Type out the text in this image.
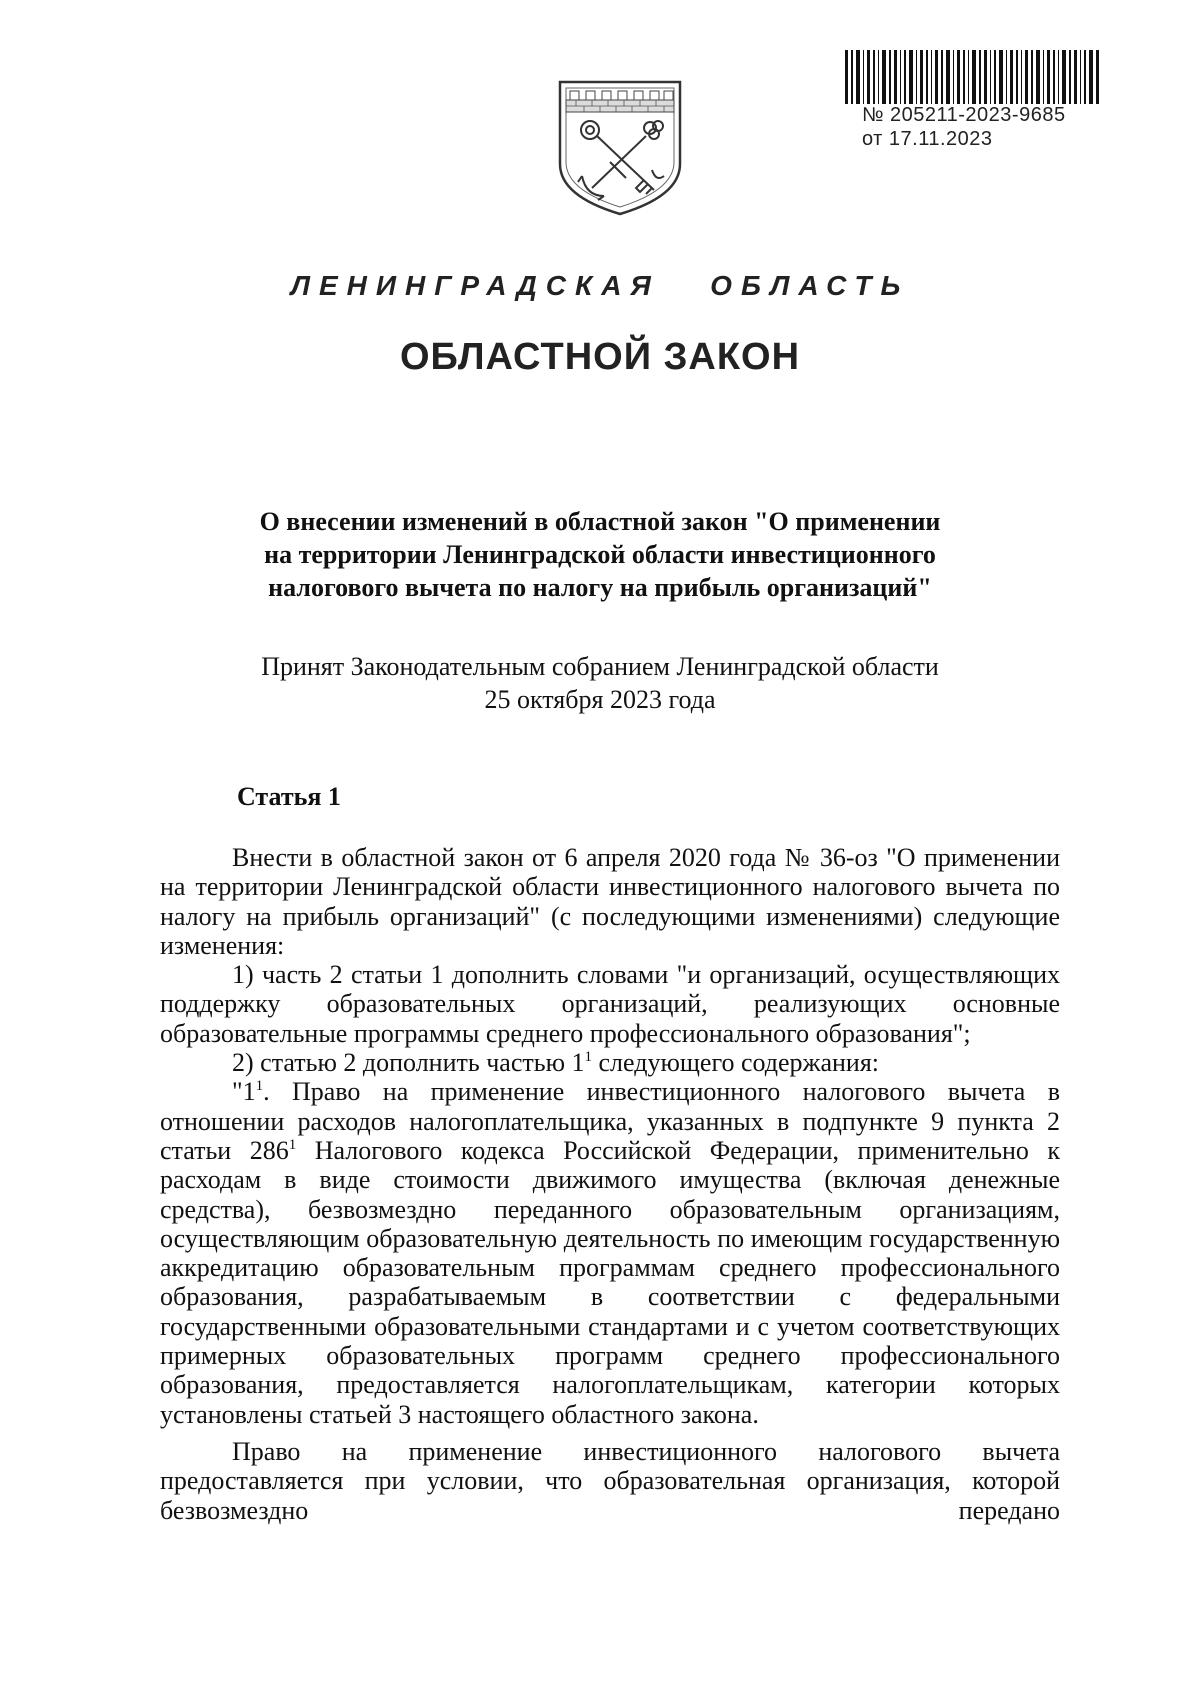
№ 205211-2023-9685
от 17.11.2023
ЛЕНИНГРАДСКАЯ   ОБЛАСТЬ
ОБЛАСТНОЙ ЗАКОН
О внесении изменений в областной закон "О применении
на территории Ленинградской области инвестиционного
налогового вычета по налогу на прибыль организаций"
Принят Законодательным собранием Ленинградской области
25 октября 2023 года
Статья 1

Внести в областной закон от 6 апреля 2020 года № 36-оз "О применении на территории Ленинградской области инвестиционного налогового вычета по налогу на прибыль организаций" (с последующими изменениями) следующие изменения:

1) часть 2 статьи 1 дополнить словами "и организаций, осуществляющих поддержку образовательных организаций, реализующих основные образовательные программы среднего профессионального образования";

2) статью 2 дополнить частью $1^1$ следующего содержания:

"$1^1$. Право на применение инвестиционного налогового вычета в отношении расходов налогоплательщика, указанных в подпункте 9 пункта 2 статьи $286^1$ Налогового кодекса Российской Федерации, применительно к расходам в виде стоимости движимого имущества (включая денежные средства), безвозмездно переданного образовательным организациям, осуществляющим образовательную деятельность по имеющим государственную аккредитацию образовательным программам среднего профессионального образования, разрабатываемым в соответствии с федеральными государственными образовательными стандартами и с учетом соответствующих примерных образовательных программ среднего профессионального образования, предоставляется налогоплательщикам, категории которых установлены статьей 3 настоящего областного закона.

Право на применение инвестиционного налогового вычета предоставляется при условии, что образовательная организация, которой безвозмездно передано
